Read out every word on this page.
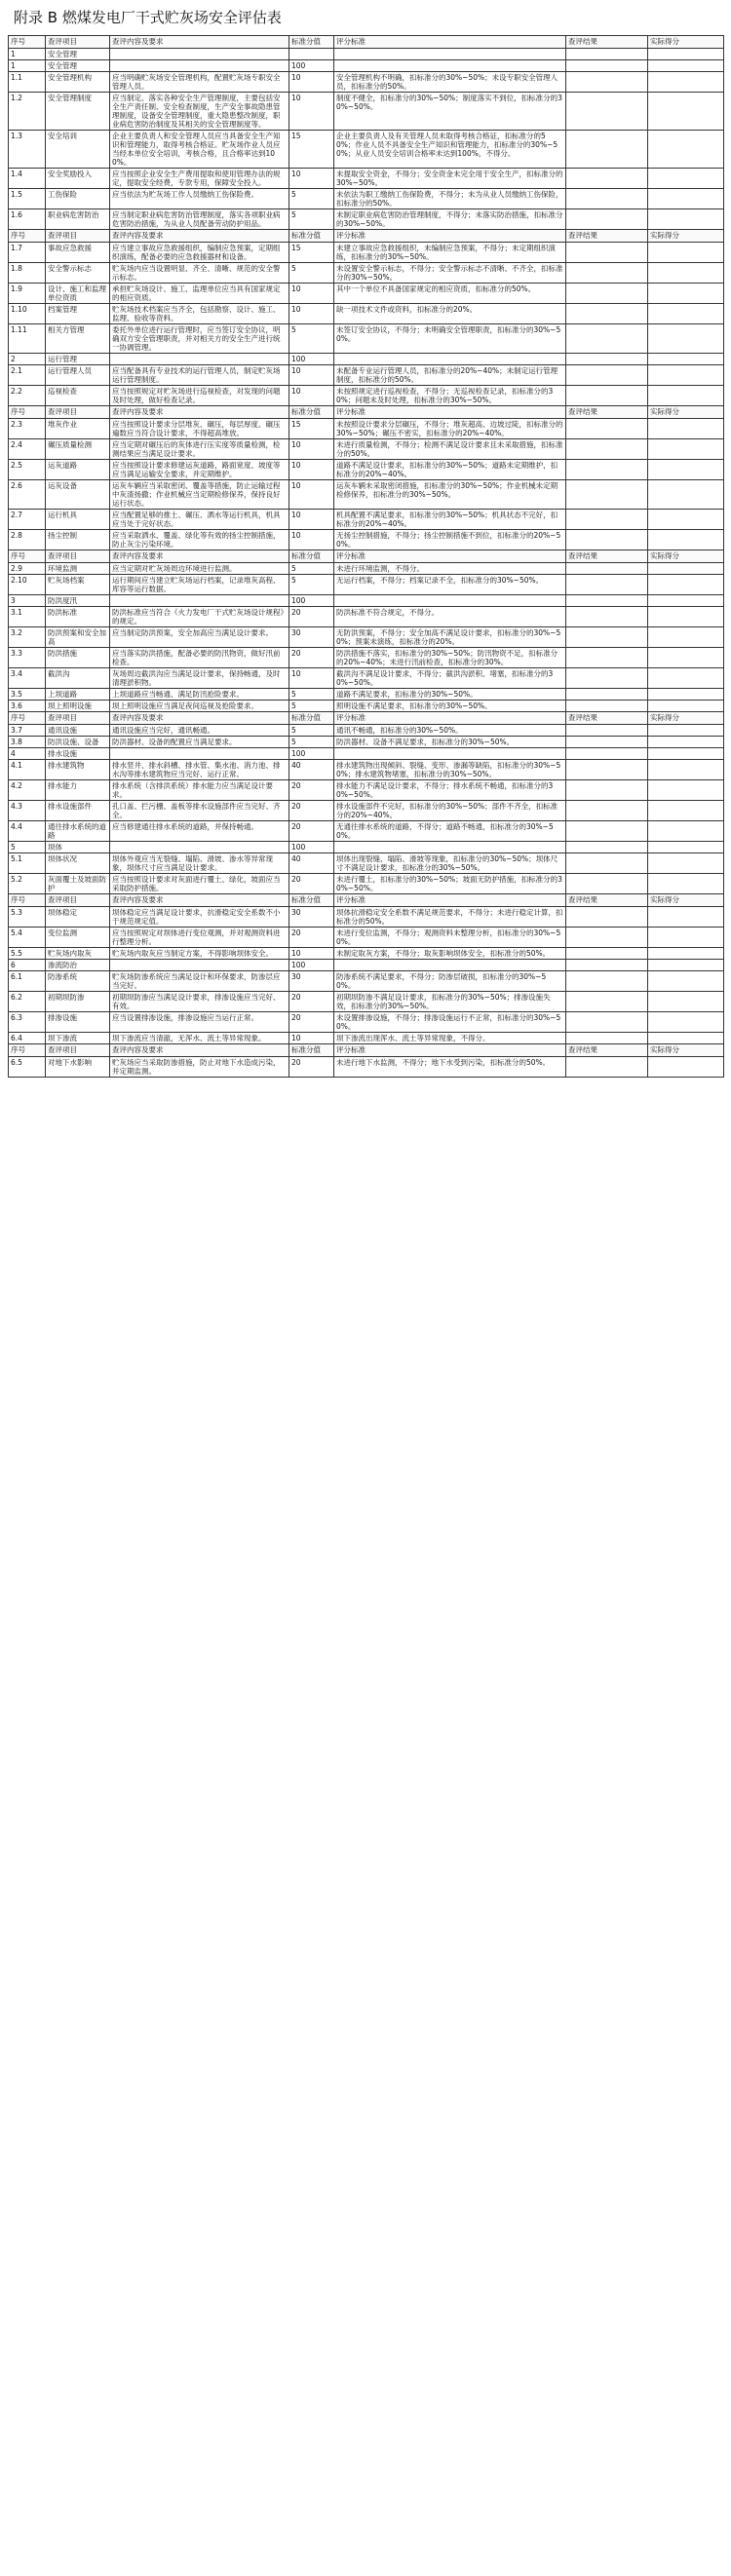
附录 B 燃煤发电厂干式贮灰场安全评估表
序号	查评项目	查评内容及要求	标准分值	评分标准	查评结果	实际得分
1	安全管理					
1	安全管理		100			
1.1	安全管理机构	应当明确贮灰场安全管理机构，配置贮灰场专职安全管理人员。	10	安全管理机构不明确，扣标准分的30%~50%；未设专职安全管理人员，扣标准分的50%。		
1.2	安全管理制度	应当制定、落实各种安全生产管理制度，主要包括安全生产责任制、安全检查制度，生产安全事故隐患管理制度，设备安全管理制度，重大隐患整改制度，职业病危害防治制度及其相关的安全管理制度等。	10	制度不健全，扣标准分的30%~50%；制度落实不到位，扣标准分的30%~50%。		
1.3	安全培训	企业主要负责人和安全管理人员应当具备安全生产知识和管理能力，取得考核合格证。贮灰场作业人员应当经本单位安全培训，考核合格，且合格率达到100%。	15	企业主要负责人及有关管理人员未取得考核合格证，扣标准分的50%；作业人员不具备安全生产知识和管理能力，扣标准分的30%~50%；从业人员安全培训合格率未达到100%，不得分。		
1.4	安全奖励投入	应当按照企业安全生产费用提取和使用管理办法的规定，提取安全经费，专款专用，保障安全投入。	10	未提取安全资金，不得分；安全资金未完全用于安全生产，扣标准分的30%~50%。		
1.5	工伤保险	应当依法为贮灰场工作人员缴纳工伤保险费。	5	未依法为职工缴纳工伤保险费，不得分；未为从业人员缴纳工伤保险，扣标准分的50%。		
1.6	职业病危害防治	应当制定职业病危害防治管理制度，落实各项职业病危害防治措施，为从业人员配备劳动防护用品。	5	未制定职业病危害防治管理制度，不得分；未落实防治措施，扣标准分的30%~50%。		
序号	查评项目	查评内容及要求	标准分值	评分标准	查评结果	实际得分
1.7	事故应急救援	应当建立事故应急救援组织，编制应急预案，定期组织演练，配备必要的应急救援器材和设备。	15	未建立事故应急救援组织，未编制应急预案，不得分；未定期组织演练，扣标准分的30%~50%。		
1.8	安全警示标志	贮灰场内应当设置明显、齐全、清晰、规范的安全警示标志。	5	未设置安全警示标志，不得分；安全警示标志不清晰、不齐全，扣标准分的30%~50%。		
1.9	设计、施工和监理单位资质	承担贮灰场设计、施工、监理单位应当具有国家规定的相应资质。	10	其中一个单位不具备国家规定的相应资质，扣标准分的50%。		
1.10	档案管理	贮灰场技术档案应当齐全，包括勘察、设计、施工、监理、验收等资料。	10	缺一项技术文件或资料，扣标准分的20%。		
1.11	相关方管理	委托外单位进行运行管理时，应当签订安全协议，明确双方安全管理职责，并对相关方的安全生产进行统一协调管理。	5	未签订安全协议，不得分；未明确安全管理职责，扣标准分的30%~50%。		
2	运行管理		100			
2.1	运行管理人员	应当配备具有专业技术的运行管理人员，制定贮灰场运行管理制度。	10	未配备专业运行管理人员，扣标准分的20%~40%；未制定运行管理制度，扣标准分的50%。		
2.2	巡视检查	应当按照规定对贮灰场进行巡视检查，对发现的问题及时处理，做好检查记录。	10	未按照规定进行巡视检查，不得分；无巡视检查记录，扣标准分的30%；问题未及时处理，扣标准分的30%~50%。		
序号	查评项目	查评内容及要求	标准分值	评分标准	查评结果	实际得分
2.3	堆灰作业	应当按照设计要求分层堆灰、碾压，每层厚度、碾压遍数应当符合设计要求，不得超高堆放。	15	未按照设计要求分层碾压，不得分；堆灰超高、边坡过陡，扣标准分的30%~50%；碾压不密实，扣标准分的20%~40%。		
2.4	碾压质量检测	应当定期对碾压后的灰体进行压实度等质量检测，检测结果应当满足设计要求。	10	未进行质量检测，不得分；检测不满足设计要求且未采取措施，扣标准分的50%。		
2.5	运灰道路	应当按照设计要求修建运灰道路，路面宽度、坡度等应当满足运输安全要求，并定期维护。	10	道路不满足设计要求，扣标准分的30%~50%；道路未定期维护，扣标准分的20%~40%。		
2.6	运灰设备	运灰车辆应当采取密闭、覆盖等措施，防止运输过程中灰渣扬撒；作业机械应当定期检修保养，保持良好运行状态。	10	运灰车辆未采取密闭措施，扣标准分的30%~50%；作业机械未定期检修保养，扣标准分的30%~50%。		
2.7	运行机具	应当配置足够的推土、碾压、洒水等运行机具，机具应当处于完好状态。	10	机具配置不满足要求，扣标准分的30%~50%；机具状态不完好，扣标准分的20%~40%。		
2.8	扬尘控制	应当采取洒水、覆盖、绿化等有效的扬尘控制措施，防止灰尘污染环境。	10	无扬尘控制措施，不得分；扬尘控制措施不到位，扣标准分的20%~50%。		
序号	查评项目	查评内容及要求	标准分值	评分标准	查评结果	实际得分
2.9	环境监测	应当定期对贮灰场周边环境进行监测。	5	未进行环境监测，不得分。		
2.10	贮灰场档案	运行期间应当建立贮灰场运行档案，记录堆灰高程、库容等运行数据。	5	无运行档案，不得分；档案记录不全，扣标准分的30%~50%。		
3	防洪度汛		100			
3.1	防洪标准	防洪标准应当符合《火力发电厂干式贮灰场设计规程》的规定。	20	防洪标准不符合规定，不得分。		
3.2	防洪预案和安全加高	应当制定防洪预案，安全加高应当满足设计要求。	30	无防洪预案，不得分；安全加高不满足设计要求，扣标准分的30%~50%；预案未演练，扣标准分的20%。		
3.3	防洪措施	应当落实防洪措施，配备必要的防汛物资，做好汛前检查。	20	防洪措施不落实，扣标准分的30%~50%；防汛物资不足，扣标准分的20%~40%；未进行汛前检查，扣标准分的30%。		
3.4	截洪沟	灰场周边截洪沟应当满足设计要求，保持畅通，及时清理淤积物。	10	截洪沟不满足设计要求，不得分；截洪沟淤积、堵塞，扣标准分的30%~50%。		
3.5	上坝道路	上坝道路应当畅通、满足防汛抢险要求。	5	道路不满足要求，扣标准分的30%~50%。		
3.6	坝上照明设施	坝上照明设施应当满足夜间巡视及抢险要求。	5	照明设施不满足要求，扣标准分的30%~50%。		
序号	查评项目	查评内容及要求	标准分值	评分标准	查评结果	实际得分
3.7	通讯设施	通讯设施应当完好，通讯畅通。	5	通讯不畅通，扣标准分的30%~50%。		
3.8	防洪设施、设备	防洪器材、设备的配置应当满足要求。	5	防洪器材、设备不满足要求，扣标准分的30%~50%。		
4	排水设施		100			
4.1	排水建筑物	排水竖井、排水斜槽、排水管、集水池、消力池、排水沟等排水建筑物应当完好、运行正常。	40	排水建筑物出现倾斜、裂缝、变形、渗漏等缺陷，扣标准分的30%~50%；排水建筑物堵塞，扣标准分的30%~50%。		
4.2	排水能力	排水系统（含排洪系统）排水能力应当满足设计要求。	20	排水能力不满足设计要求，不得分；排水系统不畅通，扣标准分的30%~50%。		
4.3	排水设施部件	孔口盖、拦污栅、盖板等排水设施部件应当完好、齐全。	20	排水设施部件不完好，扣标准分的30%~50%；部件不齐全，扣标准分的20%~40%。		
4.4	通往排水系统的道路	应当修建通往排水系统的道路，并保持畅通。	20	无通往排水系统的道路，不得分；道路不畅通，扣标准分的30%~50%。		
5	坝体		100			
5.1	坝体状况	坝体外观应当无裂缝、塌陷、滑坡、渗水等异常现象，坝体尺寸应当满足设计要求。	40	坝体出现裂缝、塌陷、滑坡等现象，扣标准分的30%~50%；坝体尺寸不满足设计要求，扣标准分的30%~50%。		
5.2	灰面覆土及坡面防护	应当按照设计要求对灰面进行覆土、绿化，坡面应当采取防护措施。	20	未进行覆土，扣标准分的30%~50%；坡面无防护措施，扣标准分的30%~50%。		
序号	查评项目	查评内容及要求	标准分值	评分标准	查评结果	实际得分
5.3	坝体稳定	坝体稳定应当满足设计要求，抗滑稳定安全系数不小于规范规定值。	30	坝体抗滑稳定安全系数不满足规范要求，不得分；未进行稳定计算，扣标准分的50%。		
5.4	变位监测	应当按照规定对坝体进行变位观测，并对观测资料进行整理分析。	20	未进行变位监测，不得分；观测资料未整理分析，扣标准分的30%~50%。		
5.5	贮灰场内取灰	贮灰场内取灰应当制定方案，不得影响坝体安全。	10	未制定取灰方案，不得分；取灰影响坝体安全，扣标准分的50%。		
6	渗流防治		100			
6.1	防渗系统	贮灰场防渗系统应当满足设计和环保要求，防渗层应当完好。	30	防渗系统不满足要求，不得分；防渗层破损，扣标准分的30%~50%。		
6.2	初期坝防渗	初期坝防渗应当满足设计要求，排渗设施应当完好、有效。	20	初期坝防渗不满足设计要求，扣标准分的30%~50%；排渗设施失效，扣标准分的30%~50%。		
6.3	排渗设施	应当设置排渗设施，排渗设施应当运行正常。	20	未设置排渗设施，不得分；排渗设施运行不正常，扣标准分的30%~50%。		
6.4	坝下渗流	坝下渗流应当清澈，无浑水、流土等异常现象。	10	坝下渗流出现浑水、流土等异常现象，不得分。		
序号	查评项目	查评内容及要求	标准分值	评分标准	查评结果	实际得分
6.5	对地下水影响	贮灰场应当采取防渗措施，防止对地下水造成污染，并定期监测。	20	未进行地下水监测，不得分；地下水受到污染，扣标准分的50%。		
